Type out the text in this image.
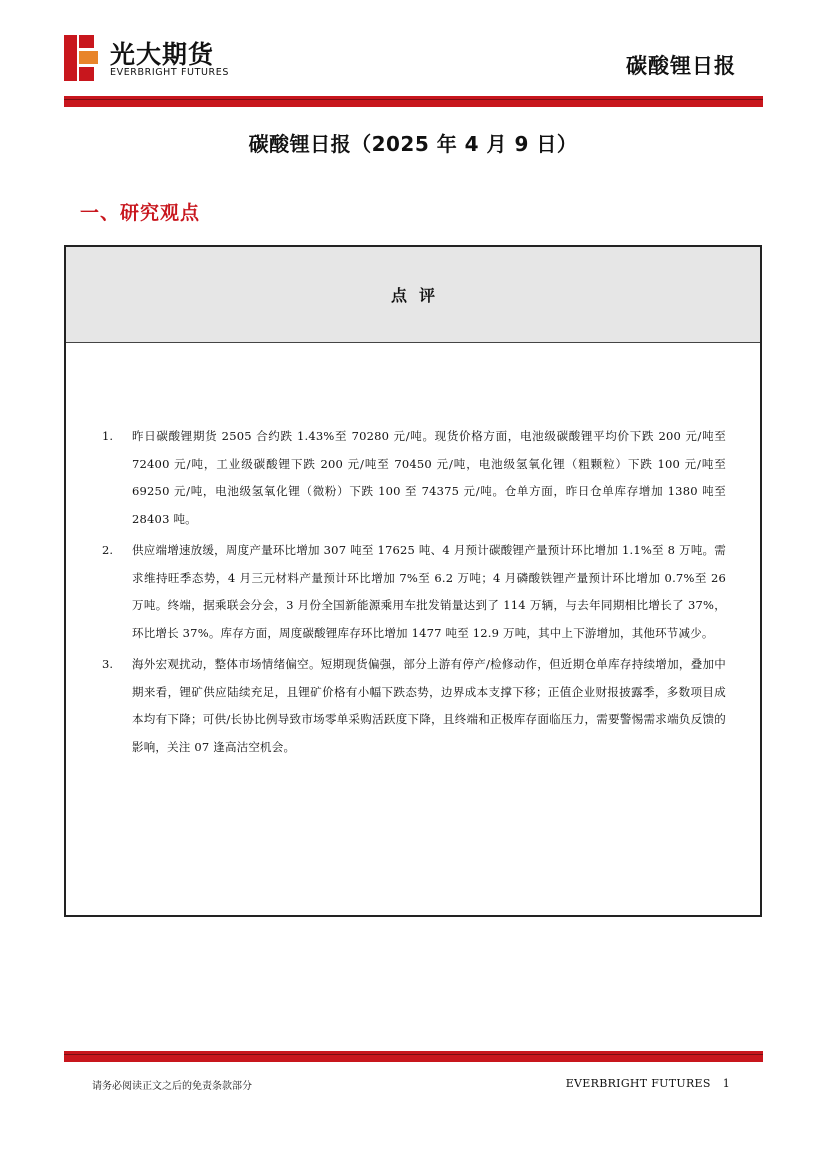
光大期货
EVERBRIGHT FUTURES	碳酸锂日报
碳酸锂日报（2025 年 4 月 9 日）
一、研究观点
点评
1. 昨日碳酸锂期货 2505 合约跌 1.43%至 70280 元/吨。现货价格方面，电池级碳酸锂平均价下跌 200 元/吨至 72400 元/吨，工业级碳酸锂下跌 200 元/吨至 70450 元/吨，电池级氢氧化锂（粗颗粒）下跌 100 元/吨至 69250 元/吨，电池级氢氧化锂（微粉）下跌 100 至 74375 元/吨。仓单方面，昨日仓单库存增加 1380 吨至 28403 吨。
2. 供应端增速放缓，周度产量环比增加 307 吨至 17625 吨、4 月预计碳酸锂产量预计环比增加 1.1%至 8 万吨。需求维持旺季态势，4 月三元材料产量预计环比增加 7%至 6.2 万吨；4 月磷酸铁锂产量预计环比增加 0.7%至 26 万吨。终端，据乘联会分会，3 月份全国新能源乘用车批发销量达到了 114 万辆，与去年同期相比增长了 37%，环比增长 37%。库存方面，周度碳酸锂库存环比增加 1477 吨至 12.9 万吨，其中上下游增加，其他环节减少。
3. 海外宏观扰动，整体市场情绪偏空。短期现货偏强，部分上游有停产/检修动作，但近期仓单库存持续增加，叠加中期来看，锂矿供应陆续充足，且锂矿价格有小幅下跌态势，边界成本支撑下移；正值企业财报披露季，多数项目成本均有下降；可供/长协比例导致市场零单采购活跃度下降，且终端和正极库存面临压力，需要警惕需求端负反馈的影响，关注 07 逢高沽空机会。
请务必阅读正文之后的免责条款部分	EVERBRIGHT FUTURES 1
